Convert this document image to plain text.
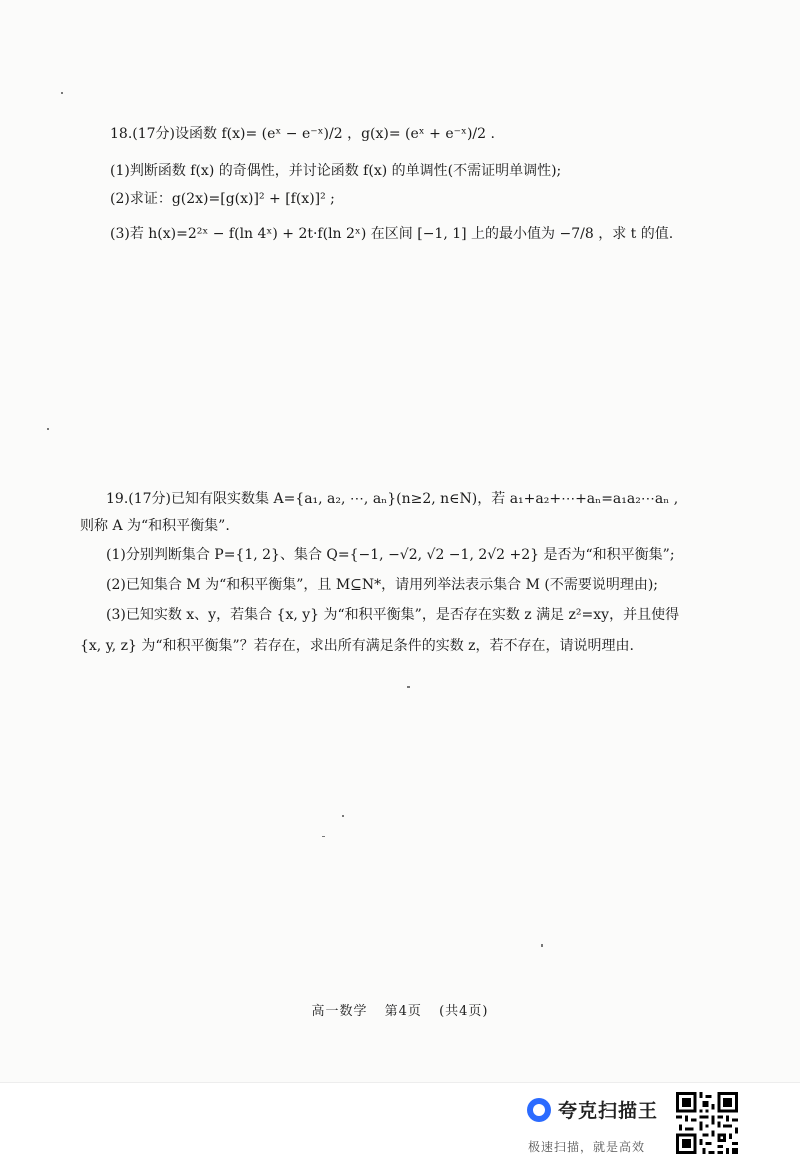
18.(17分)设函数 f(x)= (eˣ − e⁻ˣ)/2 ，g(x)= (eˣ + e⁻ˣ)/2 .
(1)判断函数 f(x) 的奇偶性，并讨论函数 f(x) 的单调性(不需证明单调性);
(2)求证：g(2x)=[g(x)]² + [f(x)]² ;
(3)若 h(x)=2²ˣ − f(ln 4ˣ) + 2t·f(ln 2ˣ) 在区间 [−1, 1] 上的最小值为 −7/8 ，求 t 的值.
19.(17分)已知有限实数集 A={a₁, a₂, ⋯, aₙ}(n≥2, n∈N)，若 a₁+a₂+⋯+aₙ=a₁a₂⋯aₙ ,
则称 A 为“和积平衡集”.
(1)分别判断集合 P={1, 2}、集合 Q={−1, −√2, √2 −1, 2√2 +2} 是否为“和积平衡集”;
(2)已知集合 M 为“和积平衡集”，且 M⊆N*，请用列举法表示集合 M (不需要说明理由);
(3)已知实数 x、y，若集合 {x, y} 为“和积平衡集”，是否存在实数 z 满足 z²=xy，并且使得
{x, y, z} 为“和积平衡集”？若存在，求出所有满足条件的实数 z，若不存在，请说明理由.
高一数学 第4页 (共4页)
夸克扫描王
极速扫描，就是高效
